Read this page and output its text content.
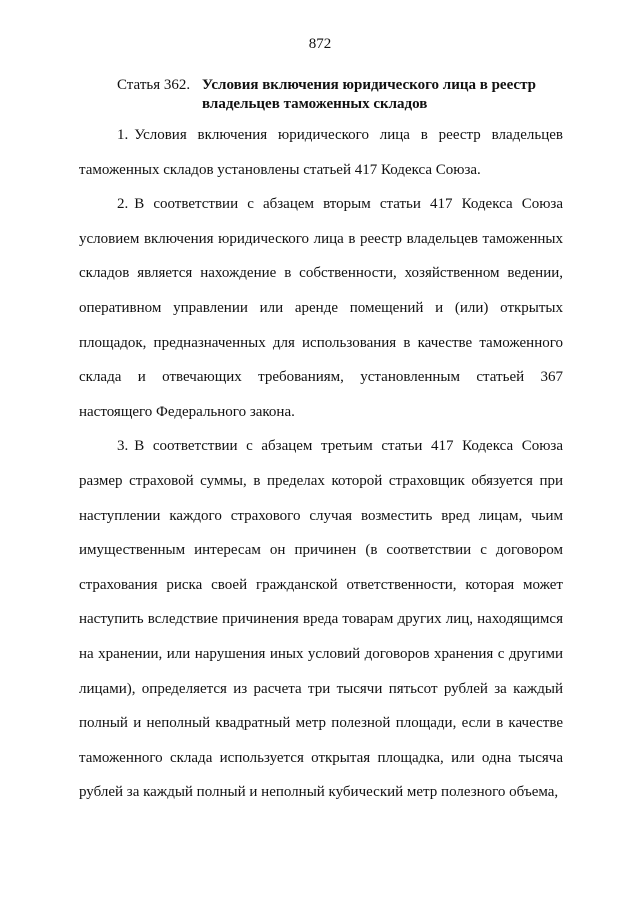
872
Статья 362. Условия включения юридического лица в реестр владельцев таможенных складов

1. Условия включения юридического лица в реестр владельцев таможенных складов установлены статьей 417 Кодекса Союза.

2. В соответствии с абзацем вторым статьи 417 Кодекса Союза условием включения юридического лица в реестр владельцев таможенных складов является нахождение в собственности, хозяйственном ведении, оперативном управлении или аренде помещений и (или) открытых площадок, предназначенных для использования в качестве таможенного склада и отвечающих требованиям, установленным статьей 367 настоящего Федерального закона.

3. В соответствии с абзацем третьим статьи 417 Кодекса Союза размер страховой суммы, в пределах которой страховщик обязуется при наступлении каждого страхового случая возместить вред лицам, чьим имущественным интересам он причинен (в соответствии с договором страхования риска своей гражданской ответственности, которая может наступить вследствие причинения вреда товарам других лиц, находящимся на хранении, или нарушения иных условий договоров хранения с другими лицами), определяется из расчета три тысячи пятьсот рублей за каждый полный и неполный квадратный метр полезной площади, если в качестве таможенного склада используется открытая площадка, или одна тысяча рублей за каждый полный и неполный кубический метр полезного объема,
